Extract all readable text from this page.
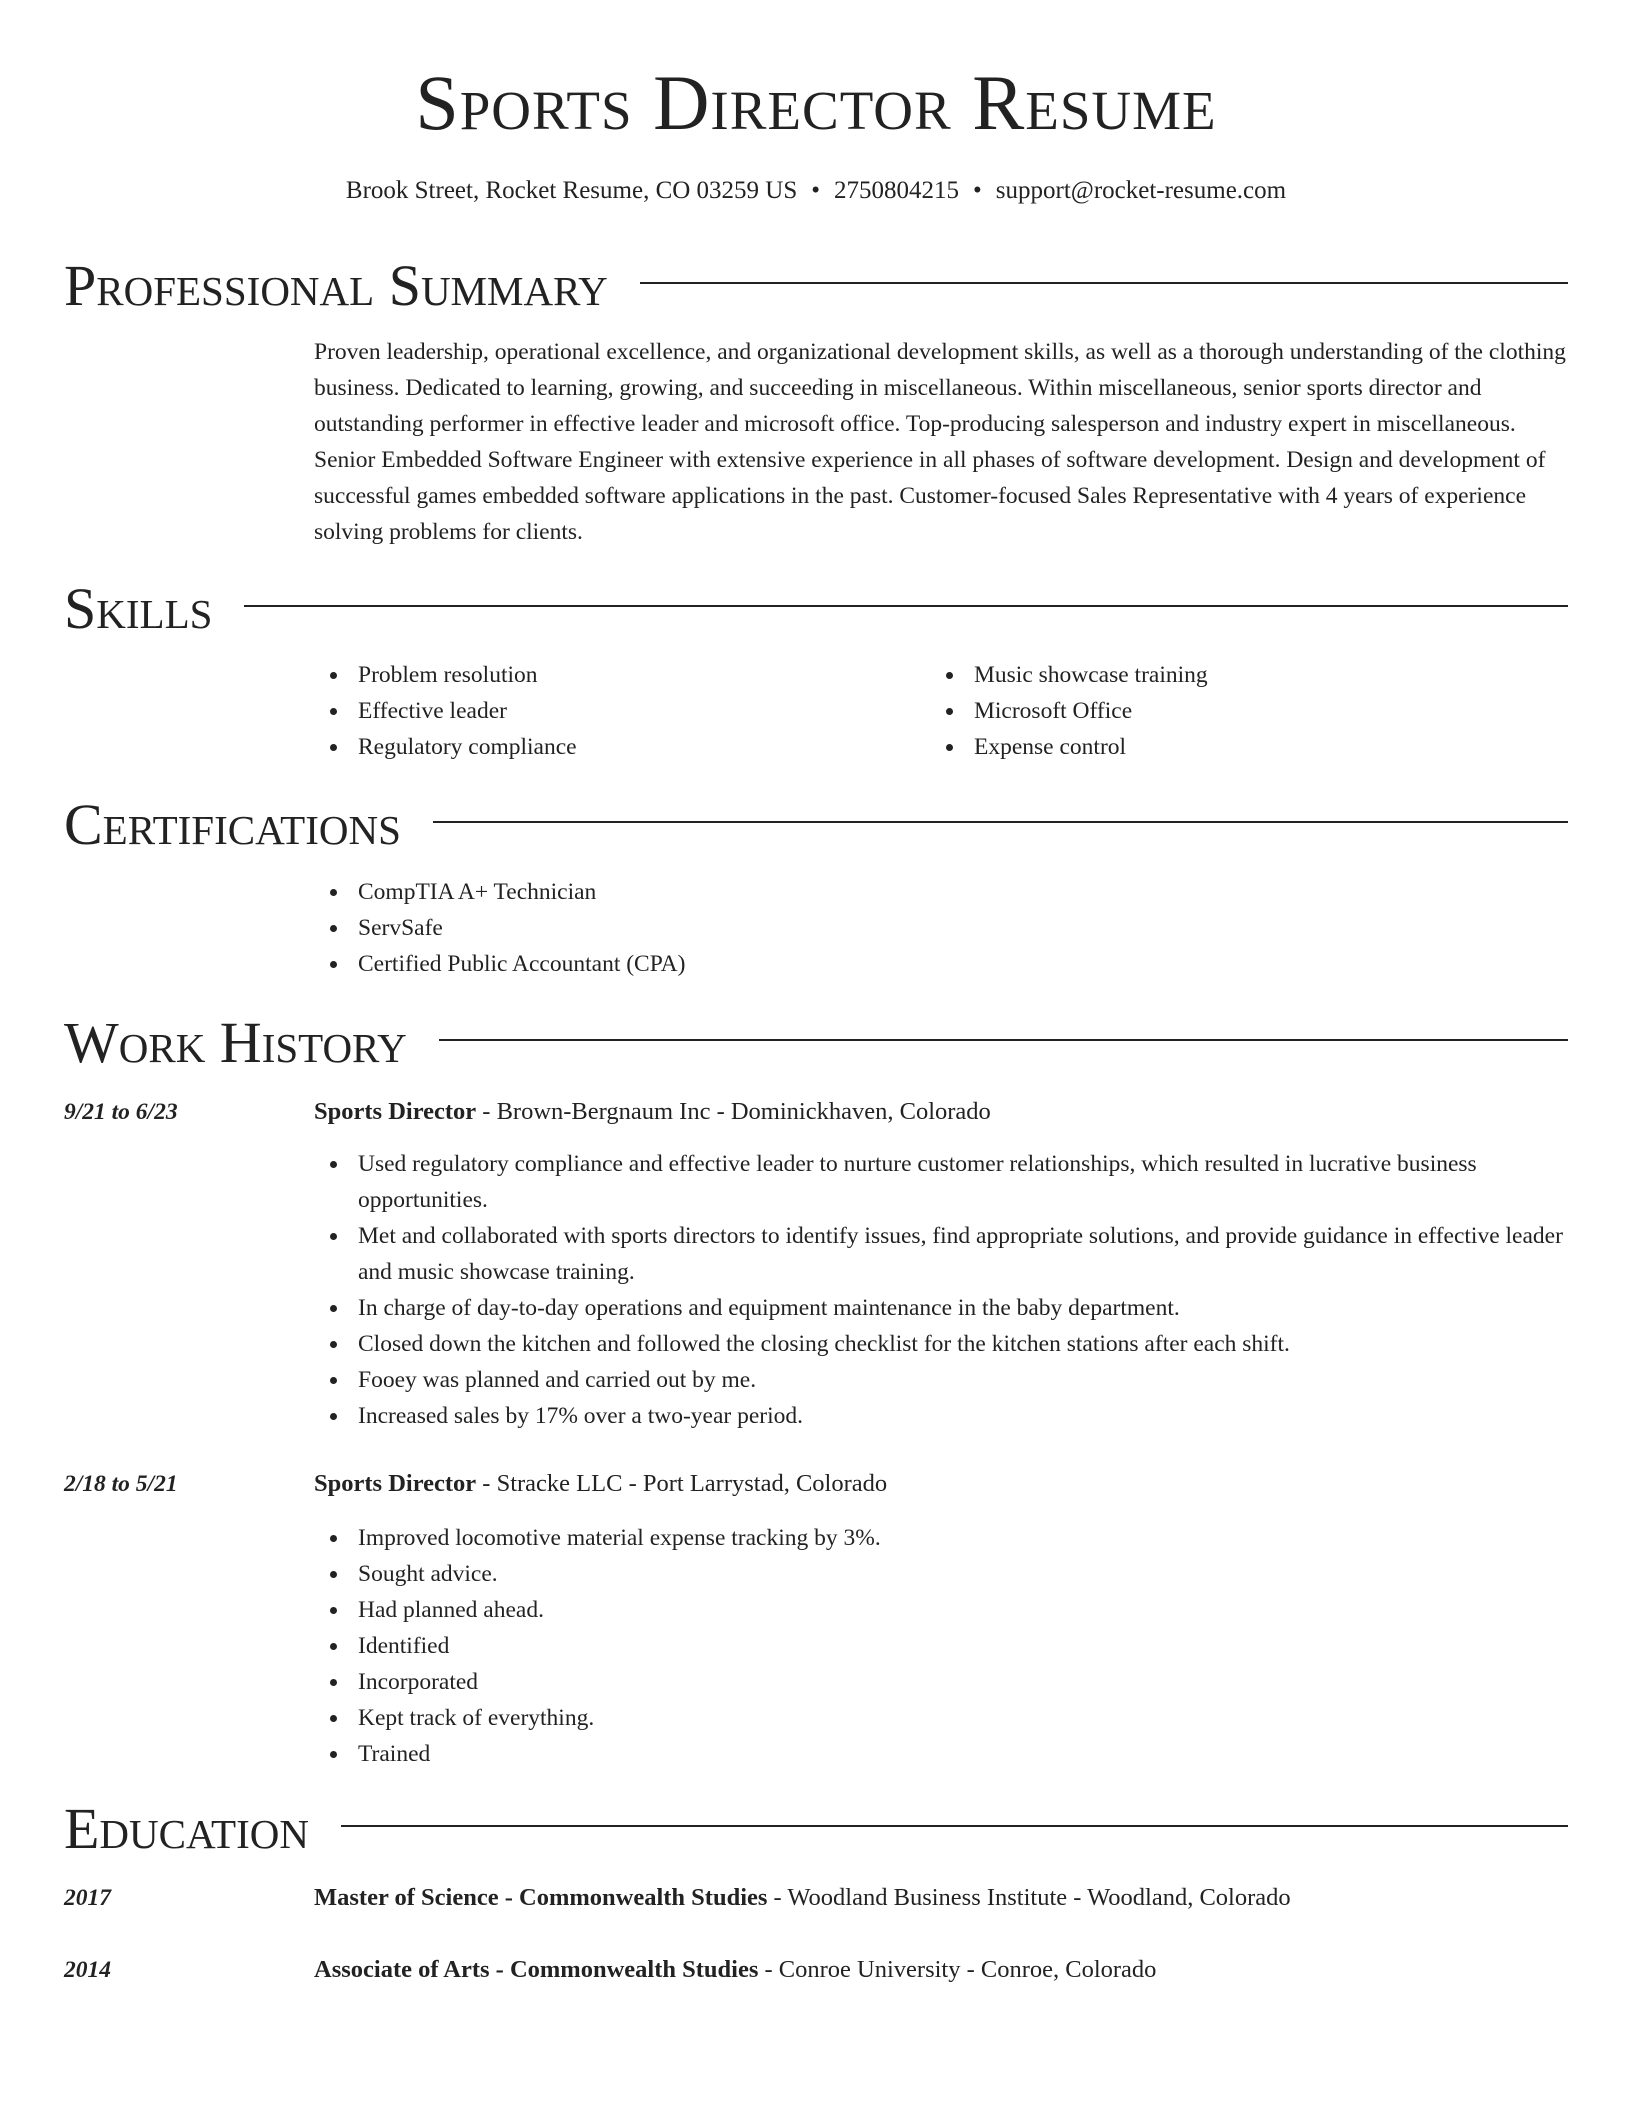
Sports Director Resume
Brook Street, Rocket Resume, CO 03259 US • 2750804215 • support@rocket-resume.com
Professional Summary
Proven leadership, operational excellence, and organizational development skills, as well as a thorough understanding of the clothing business. Dedicated to learning, growing, and succeeding in miscellaneous. Within miscellaneous, senior sports director and outstanding performer in effective leader and microsoft office. Top-producing salesperson and industry expert in miscellaneous. Senior Embedded Software Engineer with extensive experience in all phases of software development. Design and development of successful games embedded software applications in the past. Customer-focused Sales Representative with 4 years of experience solving problems for clients.
Skills
Problem resolution
Effective leader
Regulatory compliance
Music showcase training
Microsoft Office
Expense control
Certifications
CompTIA A+ Technician
ServSafe
Certified Public Accountant (CPA)
Work History
9/21 to 6/23	Sports Director - Brown-Bergnaum Inc - Dominickhaven, Colorado
Used regulatory compliance and effective leader to nurture customer relationships, which resulted in lucrative business opportunities.
Met and collaborated with sports directors to identify issues, find appropriate solutions, and provide guidance in effective leader and music showcase training.
In charge of day-to-day operations and equipment maintenance in the baby department.
Closed down the kitchen and followed the closing checklist for the kitchen stations after each shift.
Fooey was planned and carried out by me.
Increased sales by 17% over a two-year period.
2/18 to 5/21	Sports Director - Stracke LLC - Port Larrystad, Colorado
Improved locomotive material expense tracking by 3%.
Sought advice.
Had planned ahead.
Identified
Incorporated
Kept track of everything.
Trained
Education
2017	Master of Science - Commonwealth Studies - Woodland Business Institute - Woodland, Colorado
2014	Associate of Arts - Commonwealth Studies - Conroe University - Conroe, Colorado
